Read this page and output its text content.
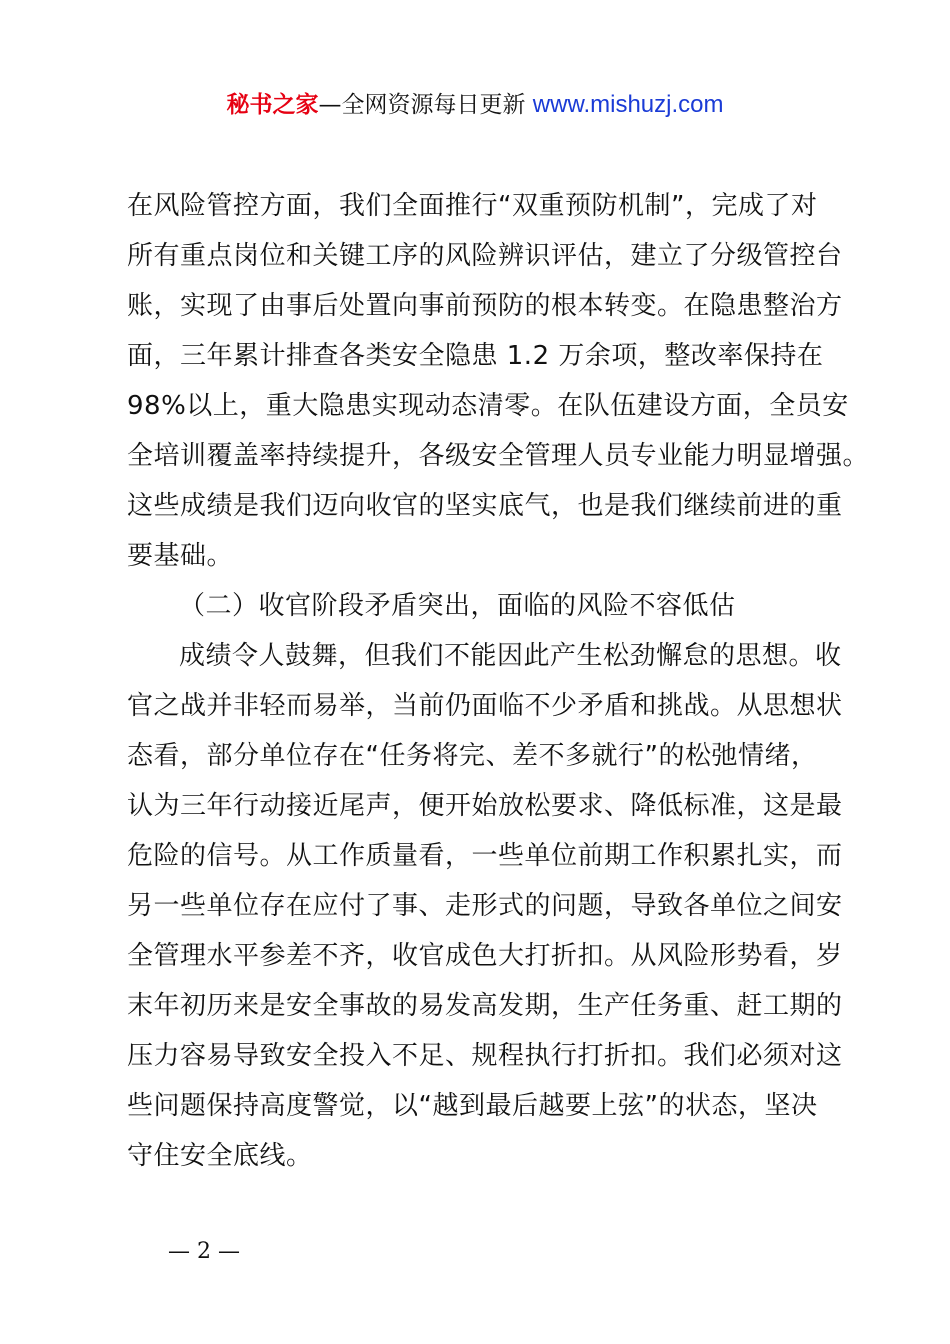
秘书之家—全网资源每日更新 www.mishuzj.com
在风险管控方面，我们全面推行“双重预防机制”，完成了对
所有重点岗位和关键工序的风险辨识评估，建立了分级管控台
账，实现了由事后处置向事前预防的根本转变。在隐患整治方
面，三年累计排查各类安全隐患 1.2 万余项，整改率保持在
98%以上，重大隐患实现动态清零。在队伍建设方面，全员安
全培训覆盖率持续提升，各级安全管理人员专业能力明显增强。
这些成绩是我们迈向收官的坚实底气，也是我们继续前进的重
要基础。
（二）收官阶段矛盾突出，面临的风险不容低估
成绩令人鼓舞，但我们不能因此产生松劲懈怠的思想。收
官之战并非轻而易举，当前仍面临不少矛盾和挑战。从思想状
态看，部分单位存在“任务将完、差不多就行”的松弛情绪，
认为三年行动接近尾声，便开始放松要求、降低标准，这是最
危险的信号。从工作质量看，一些单位前期工作积累扎实，而
另一些单位存在应付了事、走形式的问题，导致各单位之间安
全管理水平参差不齐，收官成色大打折扣。从风险形势看，岁
末年初历来是安全事故的易发高发期，生产任务重、赶工期的
压力容易导致安全投入不足、规程执行打折扣。我们必须对这
些问题保持高度警觉，以“越到最后越要上弦”的状态，坚决
守住安全底线。
— 2 —
